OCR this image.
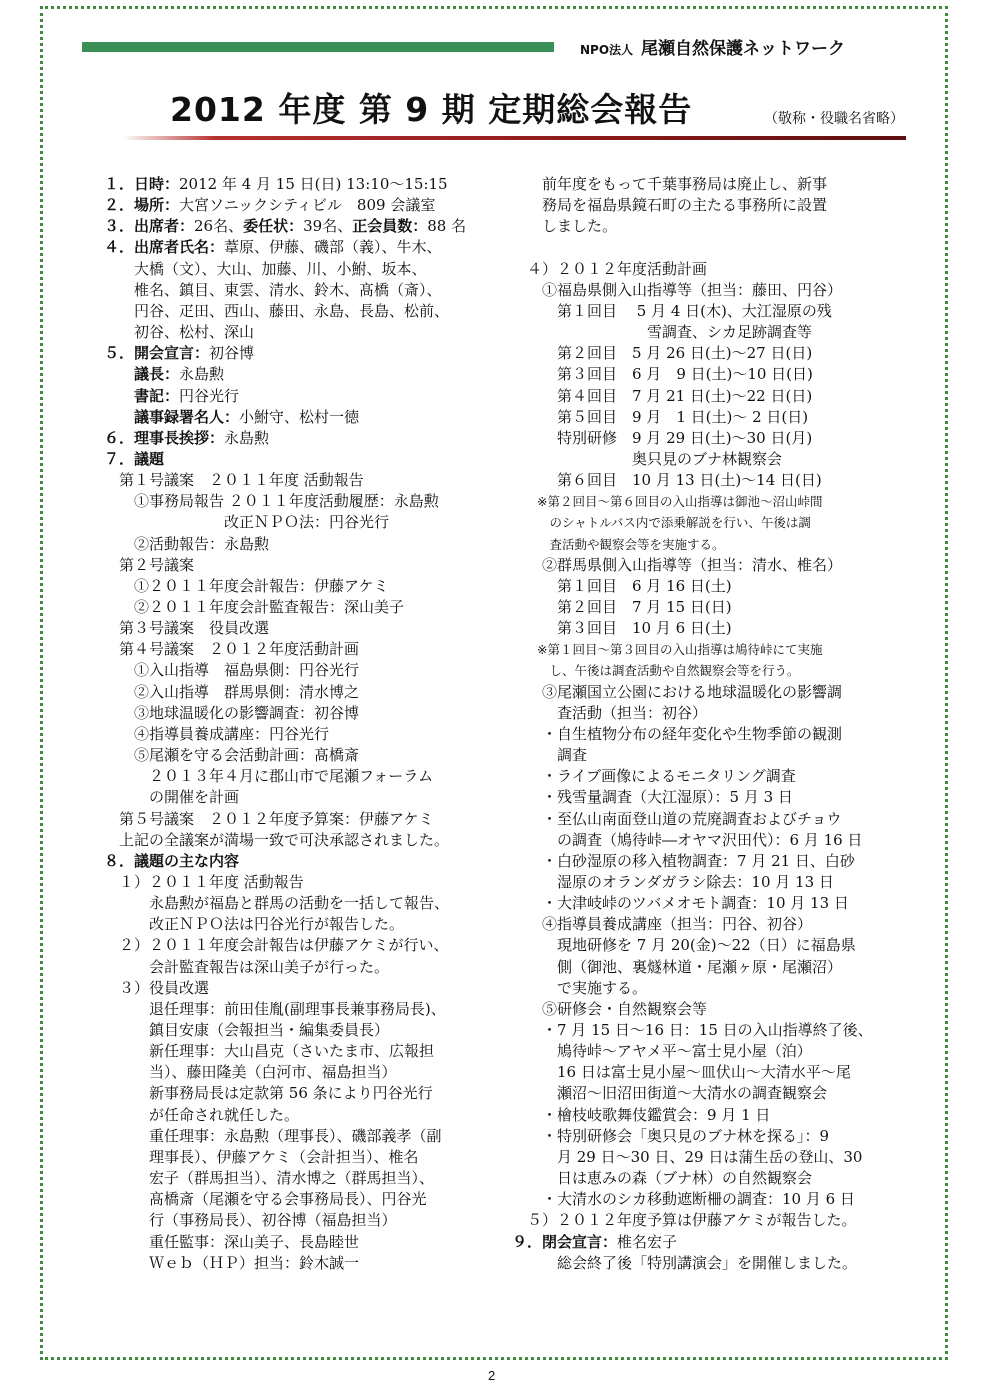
NPO法人 尾瀬自然保護ネットワーク
2012 年度 第 9 期 定期総会報告	（敬称・役職名省略）
１．日時：2012 年 4 月 15 日(日) 13:10～15:15
２．場所：大宮ソニックシティビル　809 会議室
３．出席者：26名、委任状：39名、正会員数：88 名
４．出席者氏名：葦原、伊藤、磯部（義）、牛木、
　　大橋（文）、大山、加藤、川、小鮒、坂本、
　　椎名、鎮目、東雲、清水、鈴木、髙橋（斎）、
　　円谷、疋田、西山、藤田、永島、長島、松前、
　　初谷、松村、深山
５．開会宣言：初谷博
　　議長：永島勲
　　書記：円谷光行
　　議事録署名人：小鮒守、松村一徳
６．理事長挨拶：永島勲
７．議題
　第１号議案　２０１１年度 活動報告
　　①事務局報告 ２０１１年度活動履歴：永島勲
　　　　　　　　改正ＮＰＯ法：円谷光行
　　②活動報告：永島勲
　第２号議案
　　①２０１１年度会計報告：伊藤アケミ
　　②２０１１年度会計監査報告：深山美子
　第３号議案　役員改選
　第４号議案　２０１２年度活動計画
　　①入山指導　福島県側：円谷光行
　　②入山指導　群馬県側：清水博之
　　③地球温暖化の影響調査：初谷博
　　④指導員養成講座：円谷光行
　　⑤尾瀬を守る会活動計画：髙橋斎
　　　２０１３年４月に郡山市で尾瀬フォーラム
　　　の開催を計画
　第５号議案　２０１２年度予算案：伊藤アケミ
　上記の全議案が満場一致で可決承認されました。
８．議題の主な内容
　１）２０１１年度 活動報告
　　　永島勲が福島と群馬の活動を一括して報告、
　　　改正ＮＰＯ法は円谷光行が報告した。
　２）２０１１年度会計報告は伊藤アケミが行い、
　　　会計監査報告は深山美子が行った。
　３）役員改選
　　　退任理事：前田佳胤(副理事長兼事務局長)、
　　　鎮目安康（会報担当・編集委員長）
　　　新任理事：大山昌克（さいたま市、広報担
　　　当）、藤田隆美（白河市、福島担当）
　　　新事務局長は定款第 56 条により円谷光行
　　　が任命され就任した。
　　　重任理事：永島勲（理事長）、磯部義孝（副
　　　理事長）、伊藤アケミ（会計担当）、椎名
　　　宏子（群馬担当）、清水博之（群馬担当）、
　　　髙橋斎（尾瀬を守る会事務局長）、円谷光
　　　行（事務局長）、初谷博（福島担当）
　　　重任監事：深山美子、長島睦世
　　　Ｗｅｂ（ＨＰ）担当：鈴木誠一
　　前年度をもって千葉事務局は廃止し、新事
　　務局を福島県鏡石町の主たる事務所に設置
　　しました。
　４）２０１２年度活動計画
　　①福島県側入山指導等（担当：藤田、円谷）
　　　第１回目　 5 月 4 日(木)、大江湿原の残
　　　　　　　　　雪調査、シカ足跡調査等
　　　第２回目　5 月 26 日(土)～27 日(日)
　　　第３回目　6 月　9 日(土)～10 日(日)
　　　第４回目　7 月 21 日(土)～22 日(日)
　　　第５回目　9 月　1 日(土)～ 2 日(日)
　　　特別研修　9 月 29 日(土)～30 日(月)
　　　　　　　　奥只見のブナ林観察会
　　　第６回目　10 月 13 日(土)～14 日(日)
　　※第２回目～第６回目の入山指導は御池～沼山峠間
　　　のシャトルバス内で添乗解説を行い、午後は調
　　　査活動や観察会等を実施する。
　　②群馬県側入山指導等（担当：清水、椎名）
　　　第１回目　6 月 16 日(土)
　　　第２回目　7 月 15 日(日)
　　　第３回目　10 月 6 日(土)
　　※第１回目～第３回目の入山指導は鳩待峠にて実施
　　　し、午後は調査活動や自然観察会等を行う。
　　③尾瀬国立公園における地球温暖化の影響調
　　　査活動（担当：初谷）
　　・自生植物分布の経年変化や生物季節の観測
　　　調査
　　・ライブ画像によるモニタリング調査
　　・残雪量調査（大江湿原）：5 月 3 日
　　・至仏山南面登山道の荒廃調査およびチョウ
　　　の調査（鳩待峠―オヤマ沢田代）：6 月 16 日
　　・白砂湿原の移入植物調査：7 月 21 日、白砂
　　　湿原のオランダガラシ除去：10 月 13 日
　　・大津岐峠のツバメオモト調査：10 月 13 日
　　④指導員養成講座（担当：円谷、初谷）
　　　現地研修を 7 月 20(金)～22（日）に福島県
　　　側（御池、裏燧林道・尾瀬ヶ原・尾瀬沼）
　　　で実施する。
　　⑤研修会・自然観察会等
　　・7 月 15 日～16 日：15 日の入山指導終了後、
　　　鳩待峠～アヤメ平～富士見小屋（泊）
　　　16 日は富士見小屋～皿伏山～大清水平～尾
　　　瀬沼～旧沼田街道～大清水の調査観察会
　　・檜枝岐歌舞伎鑑賞会：9 月 1 日
　　・特別研修会「奥只見のブナ林を探る」：9
　　　月 29 日～30 日、29 日は蒲生岳の登山、30
　　　日は恵みの森（ブナ林）の自然観察会
　　・大清水のシカ移動遮断柵の調査：10 月 6 日
　５）２０１２年度予算は伊藤アケミが報告した。
９．閉会宣言：椎名宏子
　　　総会終了後「特別講演会」を開催しました。
2
